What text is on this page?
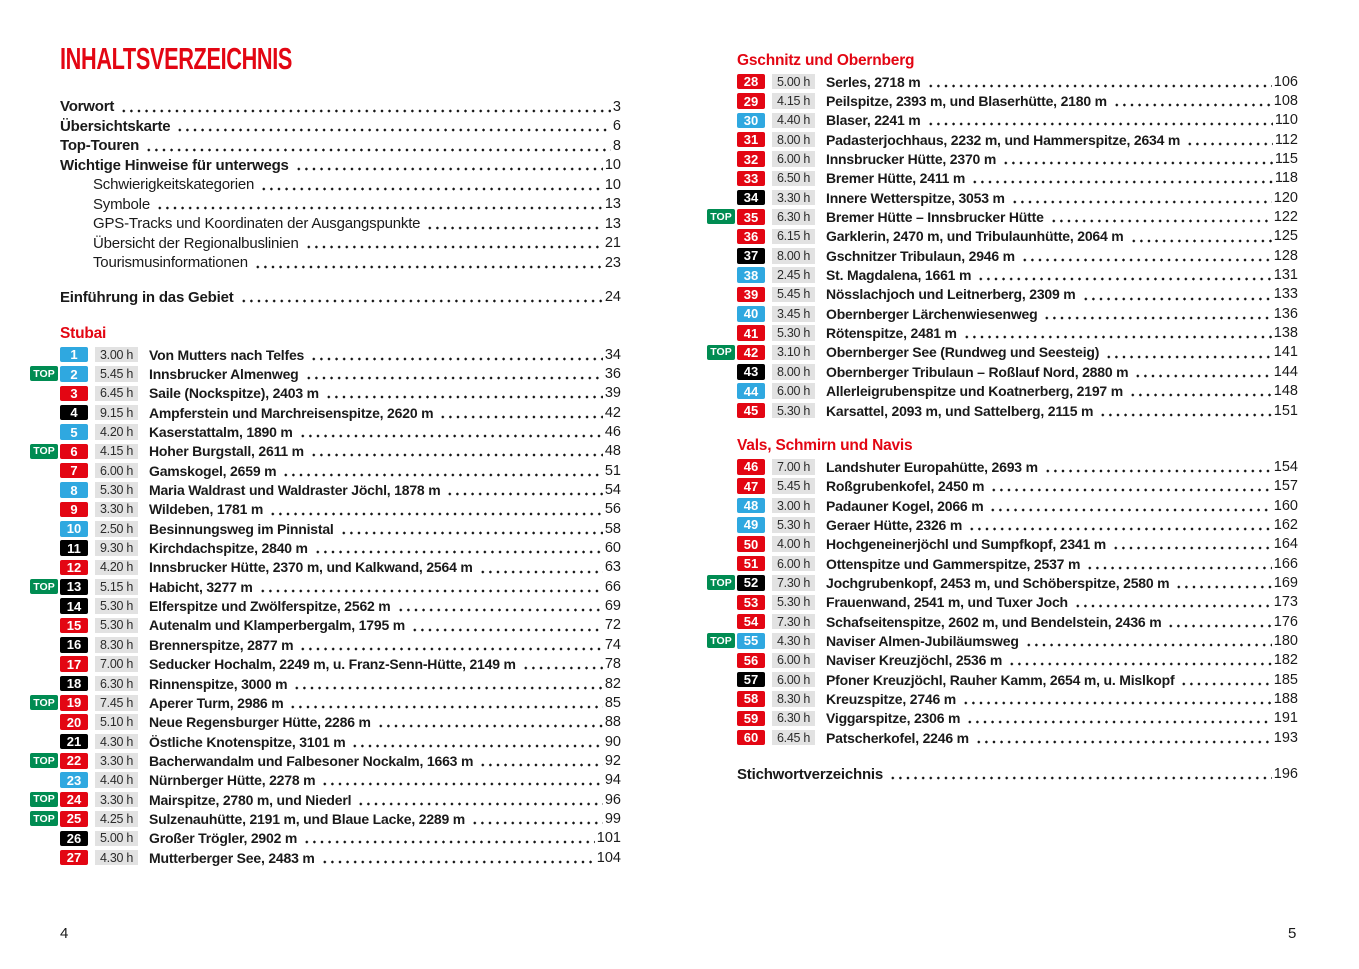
INHALTSVERZEICHNIS
Vorwort	3
Übersichtskarte	6
Top-Touren	8
Wichtige Hinweise für unterwegs	10
Schwierigkeitskategorien	10
Symbole	13
GPS-Tracks und Koordinaten der Ausgangspunkte	13
Übersicht der Regionalbuslinien	21
Tourismusinformationen	23
Einführung in das Gebiet	24
Stubai
1	3.00 h	Von Mutters nach Telfes	34
TOP	2	5.45 h	Innsbrucker Almenweg	36
3	6.45 h	Saile (Nockspitze), 2403 m	39
4	9.15 h	Ampferstein und Marchreisenspitze, 2620 m	42
5	4.20 h	Kaserstattalm, 1890 m	46
TOP	6	4.15 h	Hoher Burgstall, 2611 m	48
7	6.00 h	Gamskogel, 2659 m	51
8	5.30 h	Maria Waldrast und Waldraster Jöchl, 1878 m	54
9	3.30 h	Wildeben, 1781 m	56
10	2.50 h	Besinnungsweg im Pinnistal	58
11	9.30 h	Kirchdachspitze, 2840 m	60
12	4.20 h	Innsbrucker Hütte, 2370 m, und Kalkwand, 2564 m	63
TOP 13	5.15 h	Habicht, 3277 m	66
14	5.30 h	Elferspitze und Zwölferspitze, 2562 m	69
15	5.30 h	Autenalm und Klamperbergalm, 1795 m	72
16	8.30 h	Brennerspitze, 2877 m	74
17	7.00 h	Seducker Hochalm, 2249 m, u. Franz-Senn-Hütte, 2149 m	78
18	6.30 h	Rinnenspitze, 3000 m	82
TOP 19	7.45 h	Aperer Turm, 2986 m	85
20	5.10 h	Neue Regensburger Hütte, 2286 m	88
21	4.30 h	Östliche Knotenspitze, 3101 m	90
TOP 22	3.30 h	Bacherwandalm und Falbesoner Nockalm, 1663 m	92
23	4.40 h	Nürnberger Hütte, 2278 m	94
TOP 24	3.30 h	Mairspitze, 2780 m, und Niederl	96
TOP 25	4.25 h	Sulzenauhütte, 2191 m, und Blaue Lacke, 2289 m	99
26	5.00 h	Großer Trögler, 2902 m	101
27	4.30 h	Mutterberger See, 2483 m	104
Gschnitz und Obernberg
28	5.00 h	Serles, 2718 m	106
29	4.15 h	Peilspitze, 2393 m, und Blaserhütte, 2180 m	108
30	4.40 h	Blaser, 2241 m	110
31	8.00 h	Padasterjochhaus, 2232 m, und Hammerspitze, 2634 m	112
32	6.00 h	Innsbrucker Hütte, 2370 m	115
33	6.50 h	Bremer Hütte, 2411 m	118
34	3.30 h	Innere Wetterspitze, 3053 m	120
TOP 35	6.30 h	Bremer Hütte – Innsbrucker Hütte	122
36	6.15 h	Garklerin, 2470 m, und Tribulaunhütte, 2064 m	125
37	8.00 h	Gschnitzer Tribulaun, 2946 m	128
38	2.45 h	St. Magdalena, 1661 m	131
39	5.45 h	Nösslachjoch und Leitnerberg, 2309 m	133
40	3.45 h	Obernberger Lärchenwiesenweg	136
41	5.30 h	Rötenspitze, 2481 m	138
TOP 42	3.10 h	Obernberger See (Rundweg und Seesteig)	141
43	8.00 h	Obernberger Tribulaun – Roßlauf Nord, 2880 m	144
44	6.00 h	Allerleigrubenspitze und Koatnerberg, 2197 m	148
45	5.30 h	Karsattel, 2093 m, und Sattelberg, 2115 m	151
Vals, Schmirn und Navis
46	7.00 h	Landshuter Europahütte, 2693 m	154
47	5.45 h	Roßgrubenkofel, 2450 m	157
48	3.00 h	Padauner Kogel, 2066 m	160
49	5.30 h	Geraer Hütte, 2326 m	162
50	4.00 h	Hochgeneinerjöchl und Sumpfkopf, 2341 m	164
51	6.00 h	Ottenspitze und Gammerspitze, 2537 m	166
TOP 52	7.30 h	Jochgrubenkopf, 2453 m, und Schöberspitze, 2580 m	169
53	5.30 h	Frauenwand, 2541 m, und Tuxer Joch	173
54	7.30 h	Schafseitenspitze, 2602 m, und Bendelstein, 2436 m	176
TOP 55	4.30 h	Naviser Almen-Jubiläumsweg	180
56	6.00 h	Naviser Kreuzjöchl, 2536 m	182
57	6.00 h	Pfoner Kreuzjöchl, Rauher Kamm, 2654 m, u. Mislkopf	185
58	8.30 h	Kreuzspitze, 2746 m	188
59	6.30 h	Viggarspitze, 2306 m	191
60	6.45 h	Patscherkofel, 2246 m	193
Stichwortverzeichnis	196
4	5
